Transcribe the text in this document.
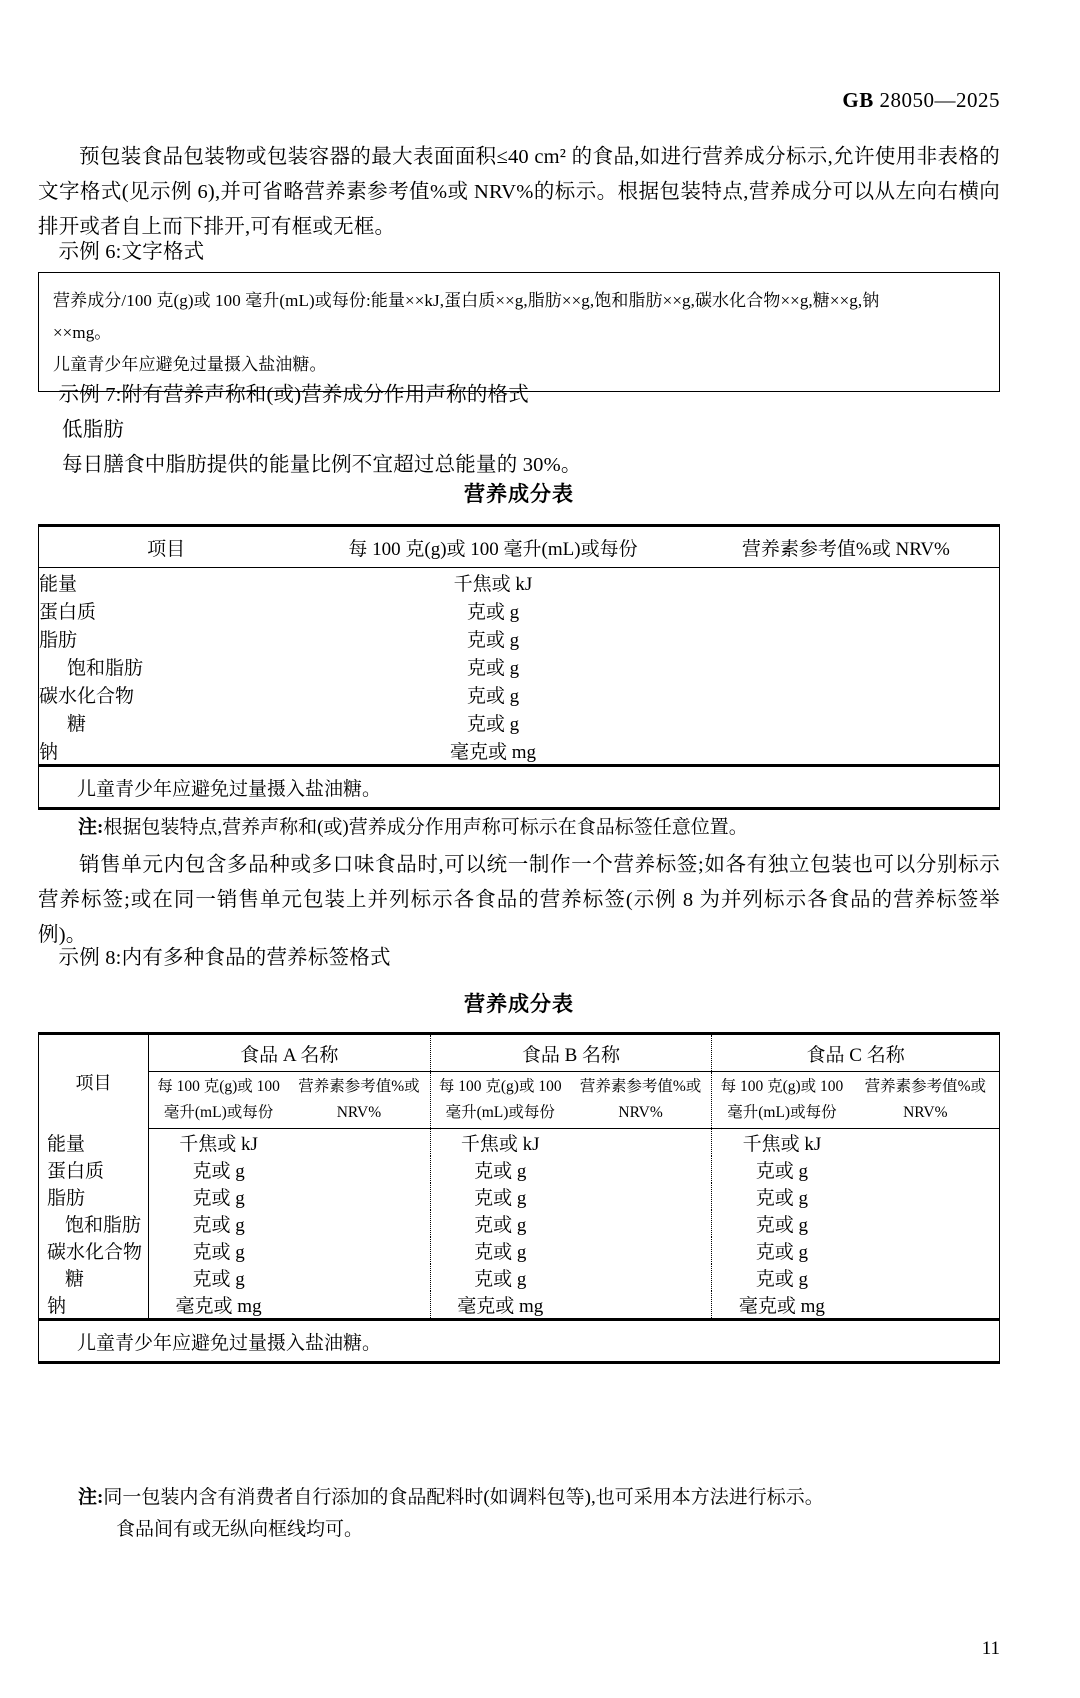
GB 28050—2025

预包装食品包装物或包装容器的最大表面面积≤40 cm² 的食品,如进行营养成分标示,允许使用非表格的文字格式(见示例 6),并可省略营养素参考值%或 NRV%的标示。根据包装特点,营养成分可以从左向右横向排开或者自上而下排开,可有框或无框。

示例 6:文字格式

营养成分/100 克(g)或 100 毫升(mL)或每份:能量××kJ,蛋白质××g,脂肪××g,饱和脂肪××g,碳水化合物××g,糖××g,钠

××mg。

儿童青少年应避免过量摄入盐油糖。

示例 7:附有营养声称和(或)营养成分作用声称的格式

低脂肪

每日膳食中脂肪提供的能量比例不宜超过总能量的 30%。

营养成分表
项目	每 100 克(g)或 100 毫升(mL)或每份	营养素参考值%或 NRV%
能量	千焦或 kJ	
蛋白质	克或 g	
脂肪	克或 g	
饱和脂肪	克或 g	
碳水化合物	克或 g	
糖	克或 g	
钠	毫克或 mg	
儿童青少年应避免过量摄入盐油糖。		
注:根据包装特点,营养声称和(或)营养成分作用声称可标示在食品标签任意位置。

销售单元内包含多品种或多口味食品时,可以统一制作一个营养标签;如各有独立包装也可以分别标示营养标签;或在同一销售单元包装上并列标示各食品的营养标签(示例 8 为并列标示各食品的营养标签举例)。

示例 8:内有多种食品的营养标签格式

营养成分表
项目	食品 A 名称		食品 B 名称		食品 C 名称	
	每 100 克(g)或 100 毫升(mL)或每份	营养素参考值%或 NRV%	每 100 克(g)或 100 毫升(mL)或每份	营养素参考值%或 NRV%	每 100 克(g)或 100 毫升(mL)或每份	营养素参考值%或 NRV%
能量	千焦或 kJ		千焦或 kJ		千焦或 kJ	
蛋白质	克或 g		克或 g		克或 g	
脂肪	克或 g		克或 g		克或 g	
饱和脂肪	克或 g		克或 g		克或 g	
碳水化合物	克或 g		克或 g		克或 g	
糖	克或 g		克或 g		克或 g	
钠	毫克或 mg		毫克或 mg		毫克或 mg	
儿童青少年应避免过量摄入盐油糖。						
注:同一包装内含有消费者自行添加的食品配料时(如调料包等),也可采用本方法进行标示。
食品间有或无纵向框线均可。
11
